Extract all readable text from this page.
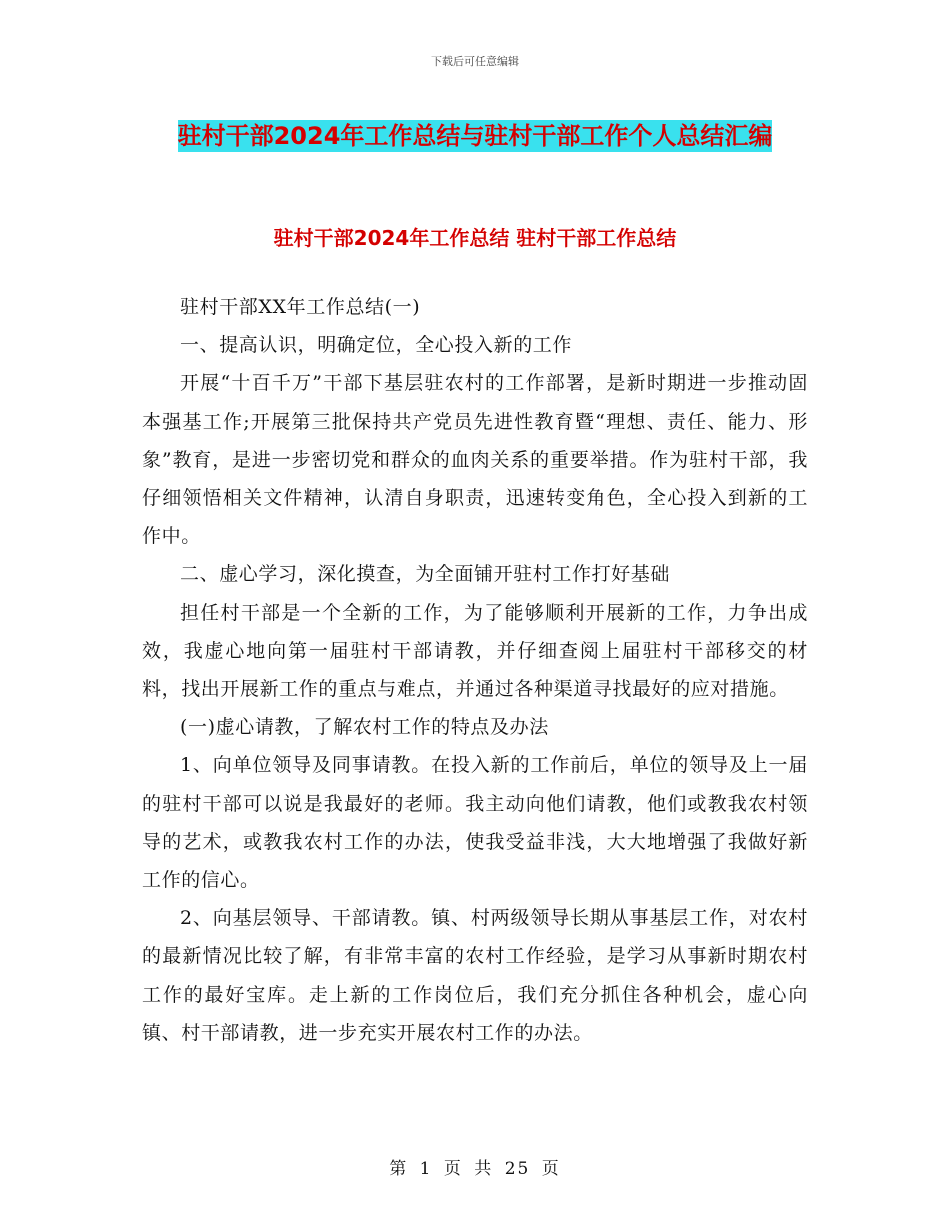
下载后可任意编辑
驻村干部2024年工作总结与驻村干部工作个人总结汇编
驻村干部2024年工作总结 驻村干部工作总结

驻村干部XX年工作总结(一)

一、提高认识，明确定位，全心投入新的工作

开展“十百千万”干部下基层驻农村的工作部署，是新时期进一步推动固本强基工作;开展第三批保持共产党员先进性教育暨“理想、责任、能力、形象”教育，是进一步密切党和群众的血肉关系的重要举措。作为驻村干部，我仔细领悟相关文件精神，认清自身职责，迅速转变角色，全心投入到新的工作中。

二、虚心学习，深化摸查，为全面铺开驻村工作打好基础

担任村干部是一个全新的工作，为了能够顺利开展新的工作，力争出成效，我虚心地向第一届驻村干部请教，并仔细查阅上届驻村干部移交的材料，找出开展新工作的重点与难点，并通过各种渠道寻找最好的应对措施。

(一)虚心请教，了解农村工作的特点及办法

1、向单位领导及同事请教。在投入新的工作前后，单位的领导及上一届的驻村干部可以说是我最好的老师。我主动向他们请教，他们或教我农村领导的艺术，或教我农村工作的办法，使我受益非浅，大大地增强了我做好新工作的信心。

2、向基层领导、干部请教。镇、村两级领导长期从事基层工作，对农村的最新情况比较了解，有非常丰富的农村工作经验，是学习从事新时期农村工作的最好宝库。走上新的工作岗位后，我们充分抓住各种机会，虚心向镇、村干部请教，进一步充实开展农村工作的办法。

第 1 页 共 25 页
